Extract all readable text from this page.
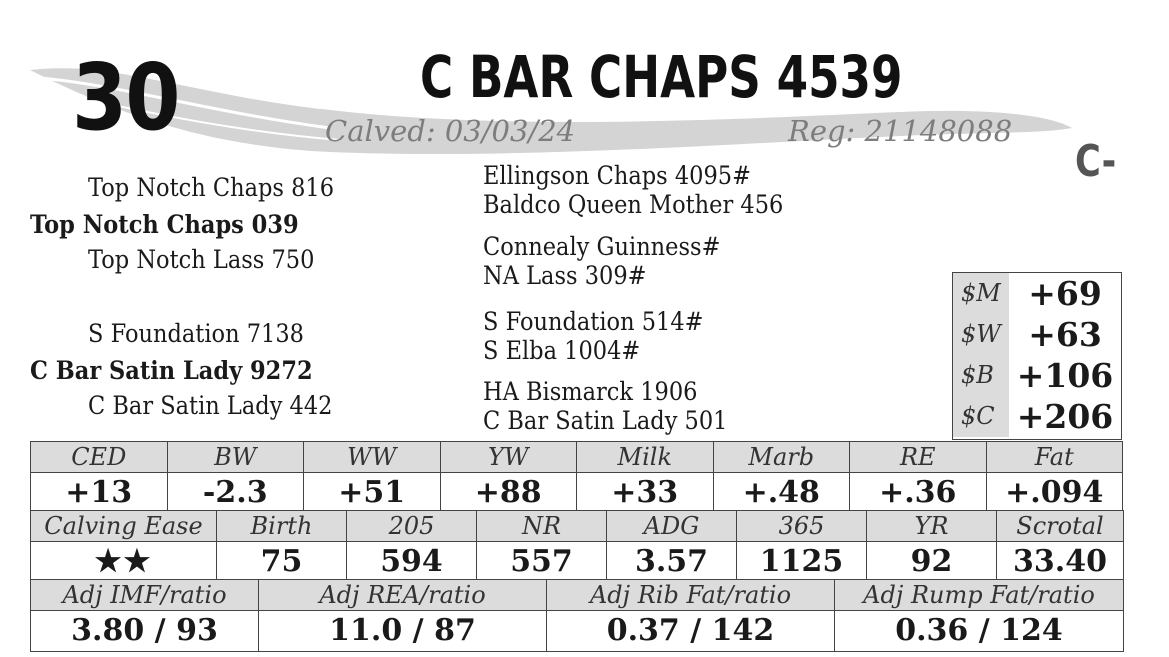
30	C BAR CHAPS 4539
Calved: 03/03/24	Reg: 21148088
C-
Top Notch Chaps 816
Top Notch Chaps 039
Top Notch Lass 750
S Foundation 7138
C Bar Satin Lady 9272
C Bar Satin Lady 442
Ellingson Chaps 4095#
Baldco Queen Mother 456
Connealy Guinness#
NA Lass 309#
S Foundation 514#
S Elba 1004#
HA Bismarck 1906
C Bar Satin Lady 501
$M +69
$W +63
$B +106
$C +206
CED	BW	WW	YW	Milk	Marb	RE	Fat
+13	-2.3	+51	+88	+33	+.48	+.36	+.094
Calving Ease	Birth	205	NR	ADG	365	YR	Scrotal
★★	75	594	557	3.57	1125	92	33.40
Adj IMF/ratio	Adj REA/ratio	Adj Rib Fat/ratio	Adj Rump Fat/ratio
3.80 / 93	11.0 / 87	0.37 / 142	0.36 / 124
